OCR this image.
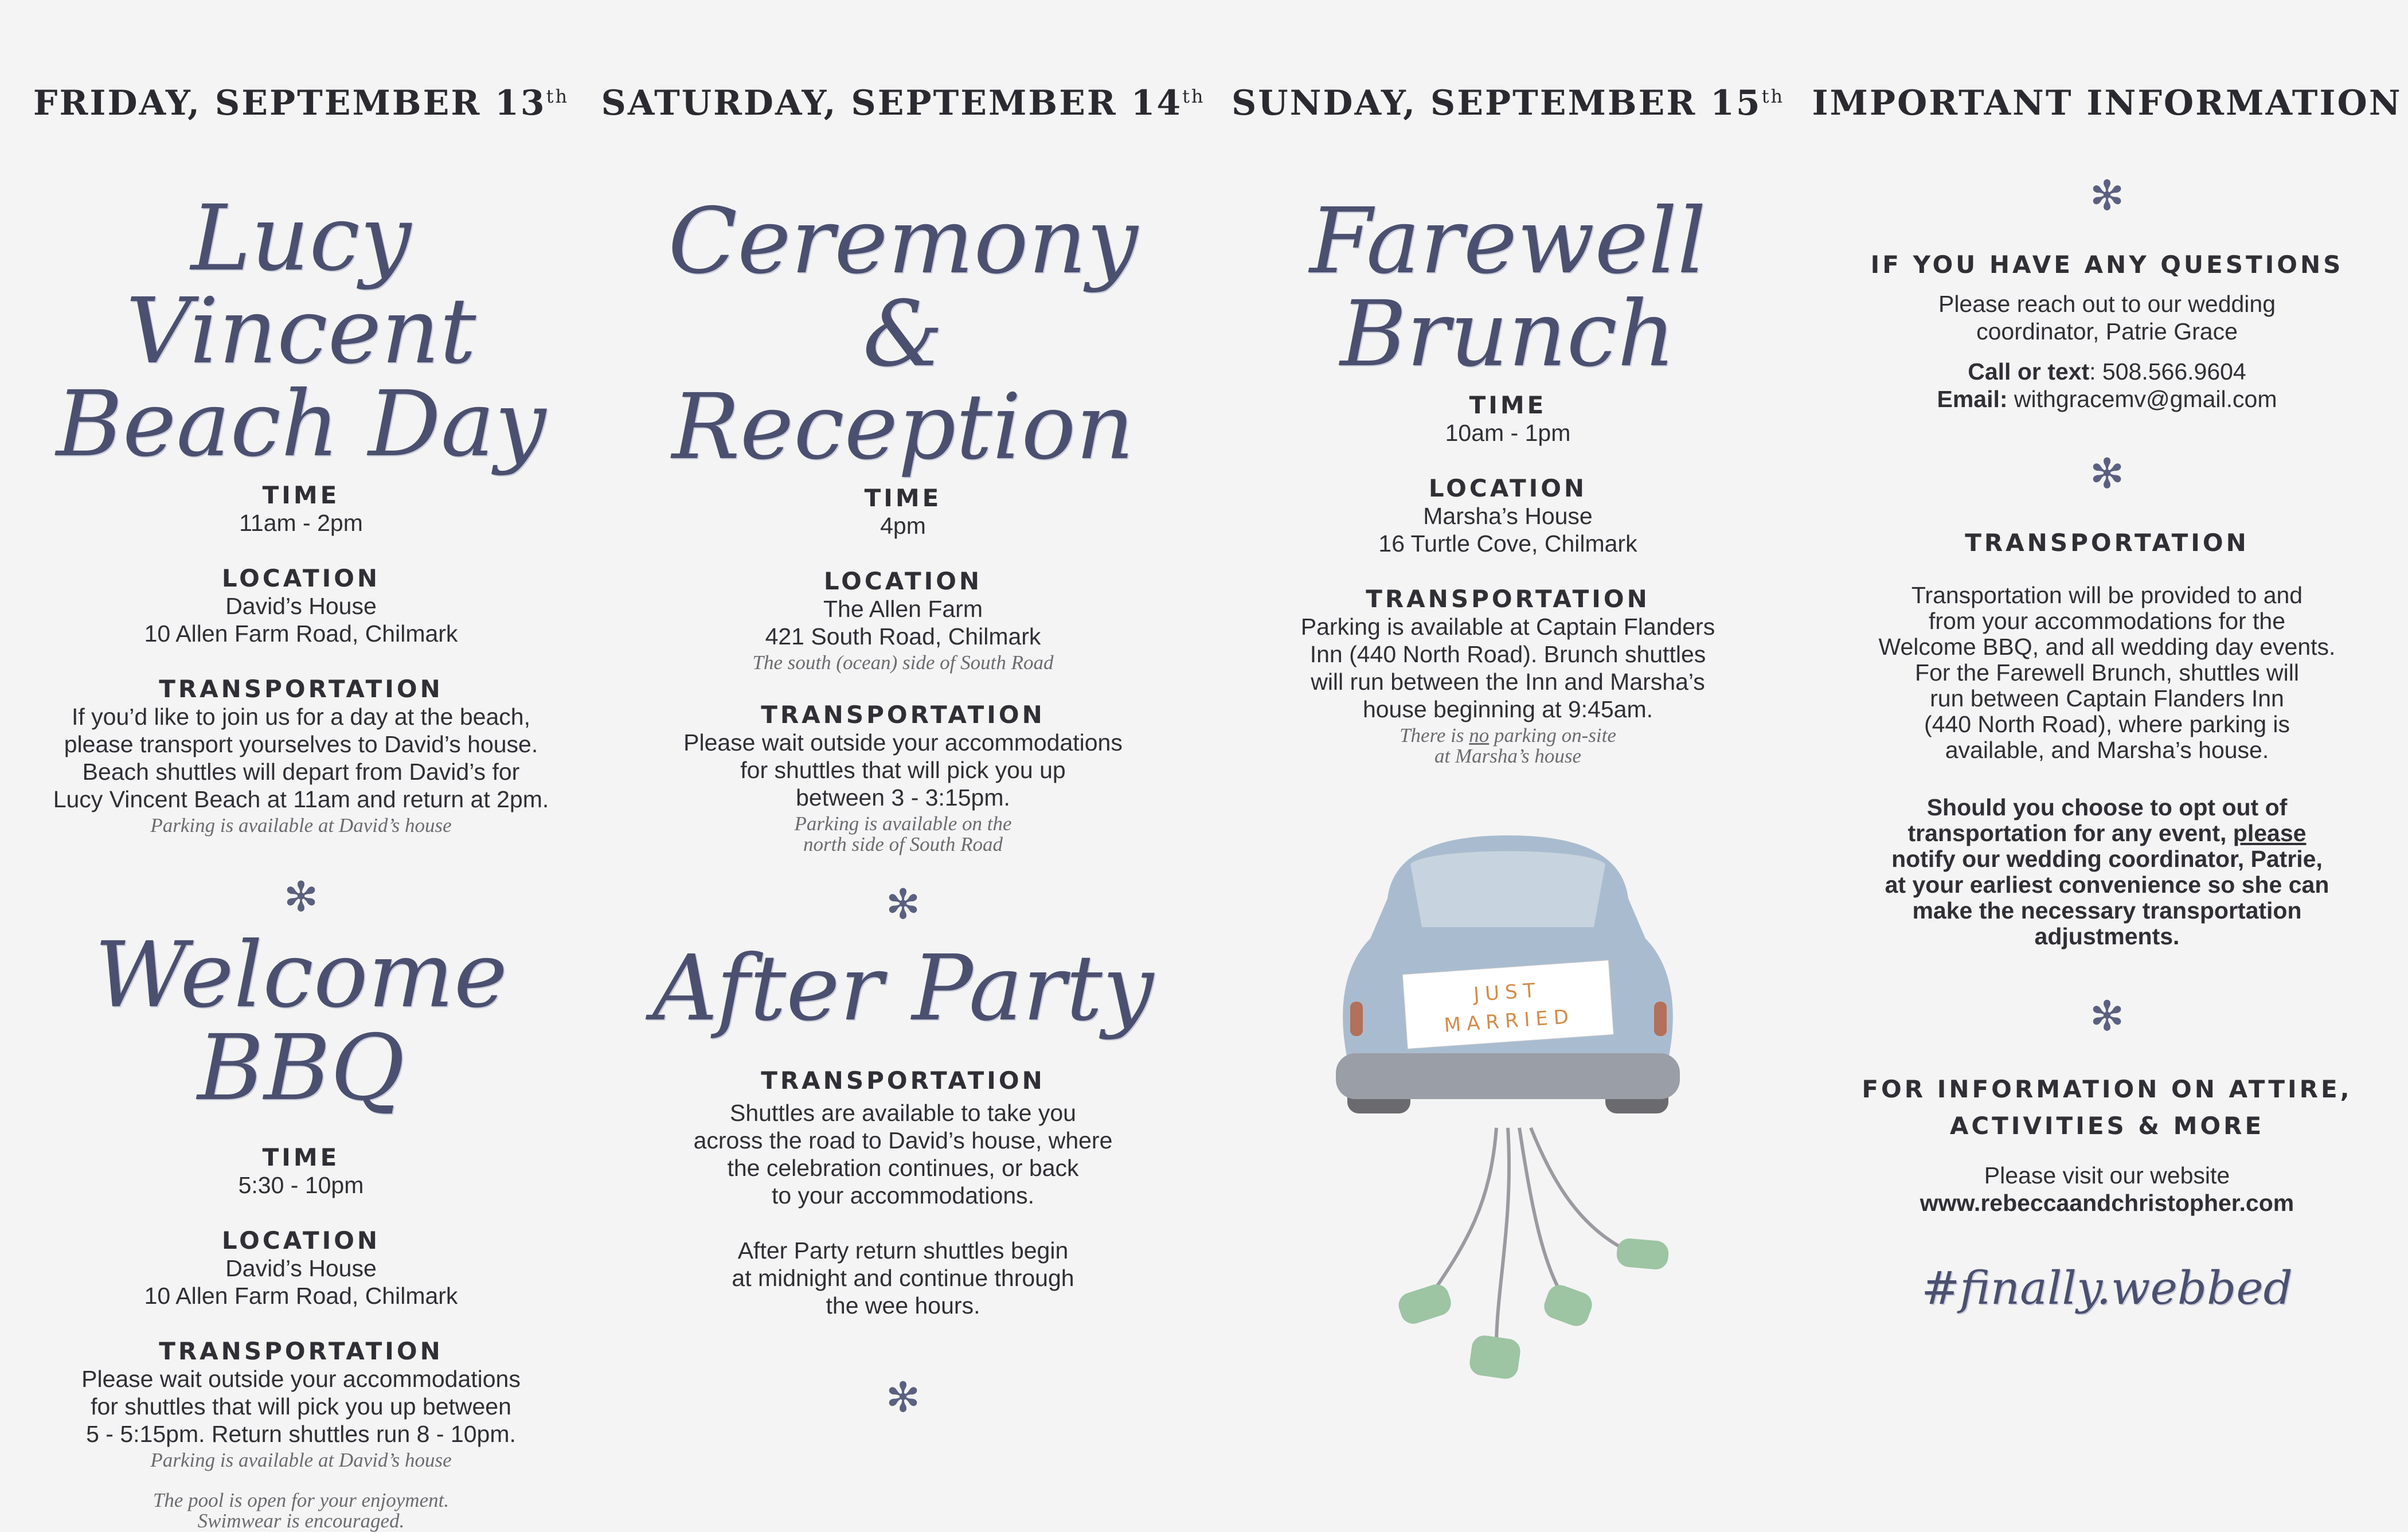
FRIDAY, SEPTEMBER 13th
Lucy Vincent
Beach Day
TIME
11am - 2pm
LOCATION
David’s House
10 Allen Farm Road, Chilmark
TRANSPORTATION
If you’d like to join us for a day at the beach,
please transport yourselves to David’s house.
Beach shuttles will depart from David’s for
Lucy Vincent Beach at 11am and return at 2pm.
Parking is available at David’s house
✻
Welcome BBQ
TIME
5:30 - 10pm
LOCATION
David’s House
10 Allen Farm Road, Chilmark
TRANSPORTATION
Please wait outside your accommodations
for shuttles that will pick you up between
5 - 5:15pm. Return shuttles run 8 - 10pm.
Parking is available at David’s house
The pool is open for your enjoyment.
Swimwear is encouraged.
SATURDAY, SEPTEMBER 14th
Ceremony &
Reception
TIME
4pm
LOCATION
The Allen Farm
421 South Road, Chilmark
The south (ocean) side of South Road
TRANSPORTATION
Please wait outside your accommodations
for shuttles that will pick you up
between 3 - 3:15pm.
Parking is available on the
north side of South Road
✻
After Party
TRANSPORTATION
Shuttles are available to take you
across the road to David’s house, where
the celebration continues, or back
to your accommodations.
After Party return shuttles begin
at midnight and continue through
the wee hours.
✻
SUNDAY, SEPTEMBER 15th
Farewell
Brunch
TIME
10am - 1pm
LOCATION
Marsha’s House
16 Turtle Cove, Chilmark
TRANSPORTATION
Parking is available at Captain Flanders
Inn (440 North Road). Brunch shuttles
will run between the Inn and Marsha’s
house beginning at 9:45am.
There is no parking on-site
at Marsha’s house
JUST
MARRIED
IMPORTANT INFORMATION
✻
IF YOU HAVE ANY QUESTIONS
Please reach out to our wedding
coordinator, Patrie Grace
Call or text: 508.566.9604
Email: withgracemv@gmail.com
✻
TRANSPORTATION
Transportation will be provided to and
from your accommodations for the
Welcome BBQ, and all wedding day events.
For the Farewell Brunch, shuttles will
run between Captain Flanders Inn
(440 North Road), where parking is
available, and Marsha’s house.
Should you choose to opt out of
transportation for any event, please
notify our wedding coordinator, Patrie,
at your earliest convenience so she can
make the necessary transportation
adjustments.
✻
FOR INFORMATION ON ATTIRE,
ACTIVITIES & MORE
Please visit our website
www.rebeccaandchristopher.com
#finally.webbed
